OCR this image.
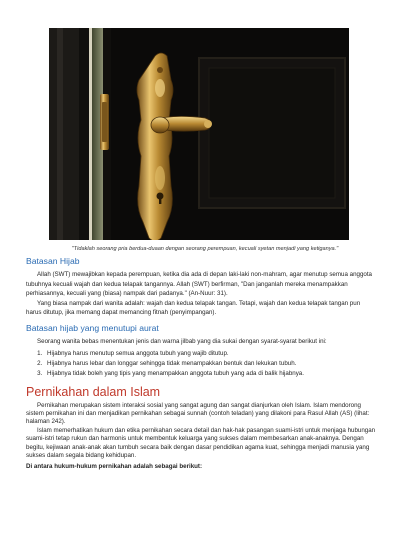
"Tidaklah seorang pria berdua-duaan dengan seorang perempuan, kecuali syetan menjadi yang ketiganya."
Batasan Hijab

Allah (SWT) mewajibkan kepada perempuan, ketika dia ada di depan laki-laki non-mahram, agar menutup semua anggota tubuhnya kecuali wajah dan kedua telapak tangannya. Allah (SWT) berfirman, "Dan janganlah mereka menampakkan perhiasannya, kecuali yang (biasa) nampak dari padanya." (An-Nuur: 31).

Yang biasa nampak dari wanita adalah: wajah dan kedua telapak tangan. Tetapi, wajah dan kedua telapak tangan pun harus ditutup, jika memang dapat memancing fitnah (penyimpangan).

Batasan hijab yang menutupi aurat

Seorang wanita bebas menentukan jenis dan warna jilbab yang dia sukai dengan syarat-syarat berikut ini:

1. Hijabnya harus menutup semua anggota tubuh yang wajib ditutup.
2. Hijabnya harus lebar dan longgar sehingga tidak menampakkan bentuk dan lekukan tubuh.
3. Hijabnya tidak boleh yang tipis yang menampakkan anggota tubuh yang ada di balik hijabnya.
Pernikahan dalam Islam

Pernikahan merupakan sistem interaksi sosial yang sangat agung dan sangat dianjurkan oleh Islam. Islam mendorong sistem pernikahan ini dan menjadikan pernikahan sebagai sunnah (contoh teladan) yang dilakoni para Rasul Allah (AS) (lihat: halaman 242).

Islam memerhatikan hukum dan etika pernikahan secara detail dan hak-hak pasangan suami-istri untuk menjaga hubungan suami-istri tetap rukun dan harmonis untuk membentuk keluarga yang sukses dalam membesarkan anak-anaknya. Dengan begitu, kejiwaan anak-anak akan tumbuh secara baik dengan dasar pendidikan agama kuat, sehingga menjadi manusia yang sukses dalam segala bidang kehidupan.

Di antara hukum-hukum pernikahan adalah sebagai berikut:
